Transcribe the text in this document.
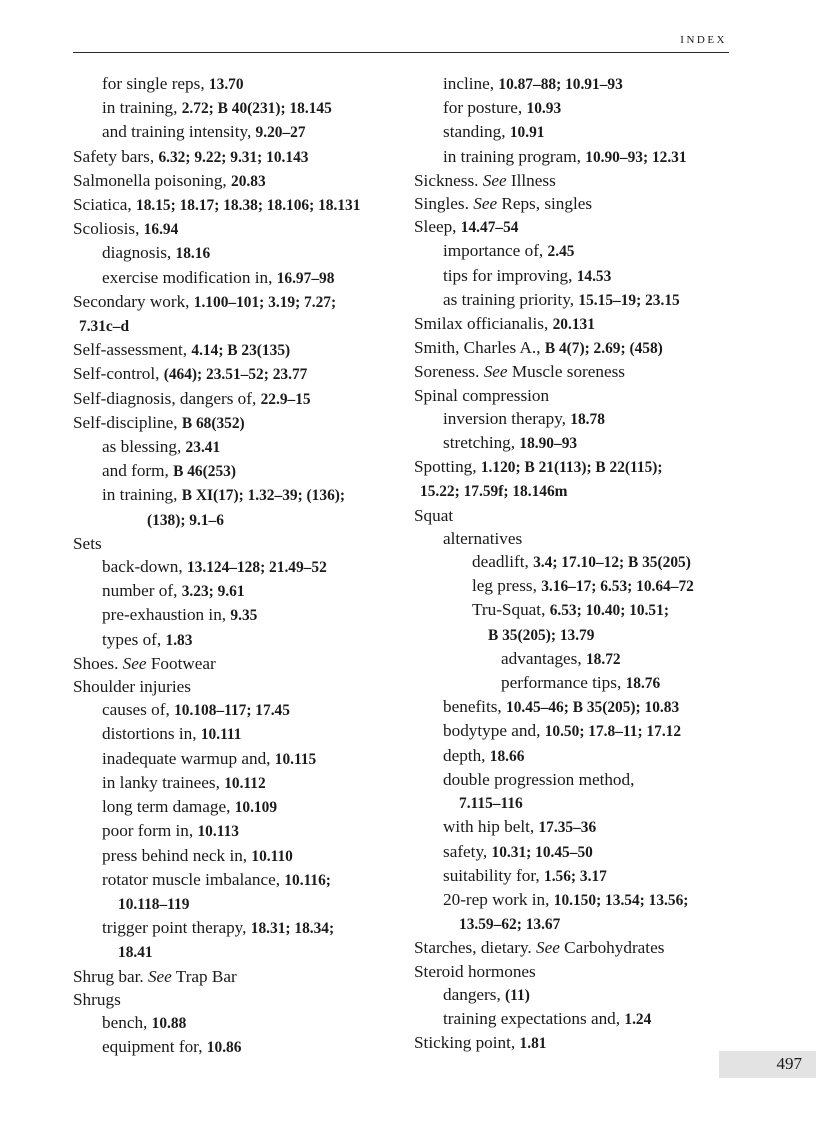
INDEX
for single reps, 13.70
in training, 2.72; B 40(231); 18.145
and training intensity, 9.20–27
Safety bars, 6.32; 9.22; 9.31; 10.143
Salmonella poisoning, 20.83
Sciatica, 18.15; 18.17; 18.38; 18.106; 18.131
Scoliosis, 16.94
diagnosis, 18.16
exercise modification in, 16.97–98
Secondary work, 1.100–101; 3.19; 7.27;
7.31c–d
Self-assessment, 4.14; B 23(135)
Self-control, (464); 23.51–52; 23.77
Self-diagnosis, dangers of, 22.9–15
Self-discipline, B 68(352)
as blessing, 23.41
and form, B 46(253)
in training, B XI(17); 1.32–39; (136);
(138); 9.1–6
Sets
back-down, 13.124–128; 21.49–52
number of, 3.23; 9.61
pre-exhaustion in, 9.35
types of, 1.83
Shoes. See Footwear
Shoulder injuries
causes of, 10.108–117; 17.45
distortions in, 10.111
inadequate warmup and, 10.115
in lanky trainees, 10.112
long term damage, 10.109
poor form in, 10.113
press behind neck in, 10.110
rotator muscle imbalance, 10.116;
10.118–119
trigger point therapy, 18.31; 18.34;
18.41
Shrug bar. See Trap Bar
Shrugs
bench, 10.88
equipment for, 10.86
incline, 10.87–88; 10.91–93
for posture, 10.93
standing, 10.91
in training program, 10.90–93; 12.31
Sickness. See Illness
Singles. See Reps, singles
Sleep, 14.47–54
importance of, 2.45
tips for improving, 14.53
as training priority, 15.15–19; 23.15
Smilax officianalis, 20.131
Smith, Charles A., B 4(7); 2.69; (458)
Soreness. See Muscle soreness
Spinal compression
inversion therapy, 18.78
stretching, 18.90–93
Spotting, 1.120; B 21(113); B 22(115);
15.22; 17.59f; 18.146m
Squat
alternatives
deadlift, 3.4; 17.10–12; B 35(205)
leg press, 3.16–17; 6.53; 10.64–72
Tru-Squat, 6.53; 10.40; 10.51;
B 35(205); 13.79
advantages, 18.72
performance tips, 18.76
benefits, 10.45–46; B 35(205); 10.83
bodytype and, 10.50; 17.8–11; 17.12
depth, 18.66
double progression method,
7.115–116
with hip belt, 17.35–36
safety, 10.31; 10.45–50
suitability for, 1.56; 3.17
20-rep work in, 10.150; 13.54; 13.56;
13.59–62; 13.67
Starches, dietary. See Carbohydrates
Steroid hormones
dangers, (11)
training expectations and, 1.24
Sticking point, 1.81
497
